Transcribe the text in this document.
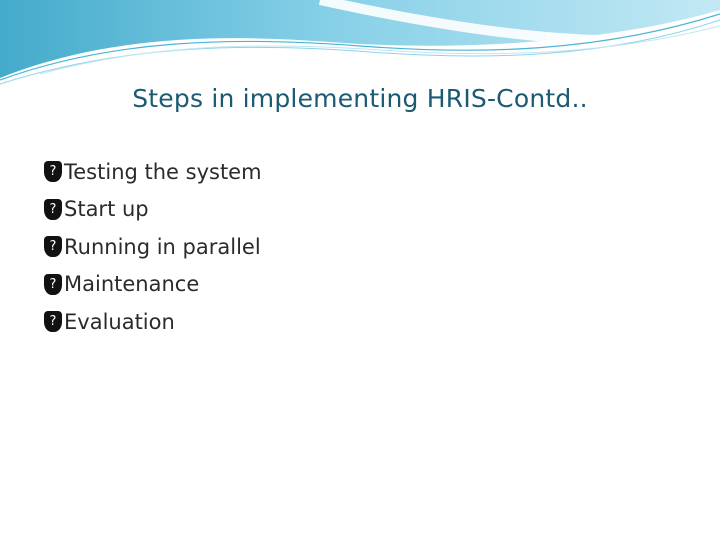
Steps in implementing HRIS-Contd..
? Testing the system
? Start up
? Running in parallel
? Maintenance
? Evaluation
